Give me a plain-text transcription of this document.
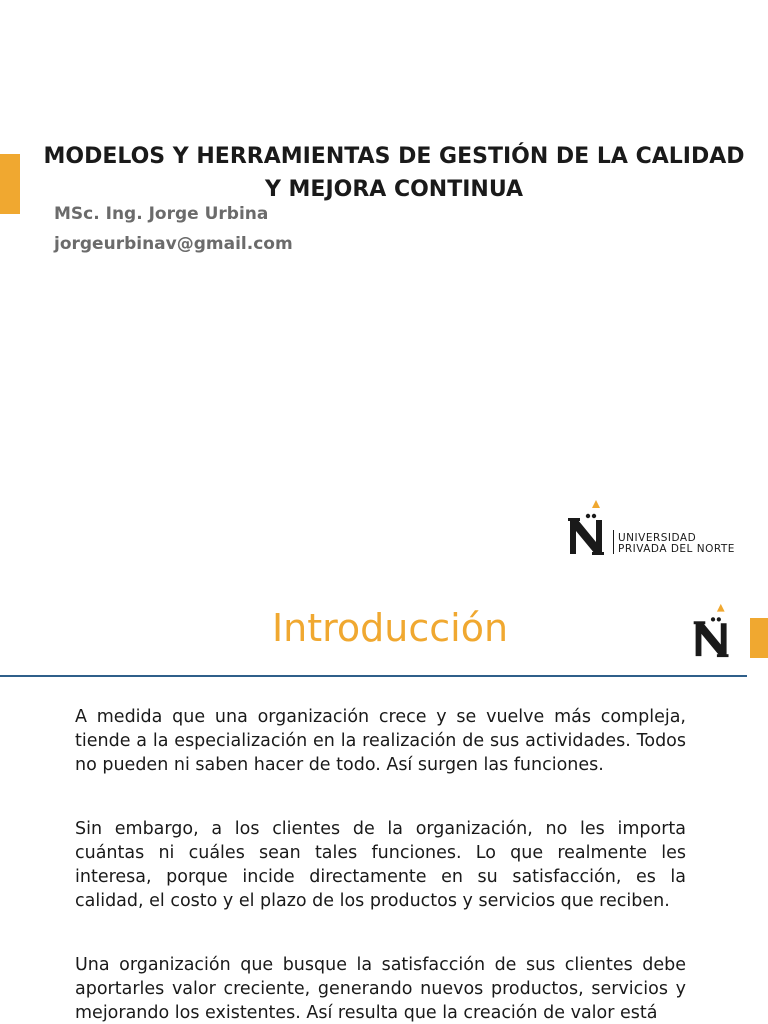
MODELOS Y HERRAMIENTAS DE GESTIÓN DE LA CALIDAD Y MEJORA CONTINUA
MSc. Ing. Jorge Urbina
jorgeurbinav@gmail.com
UNIVERSIDAD
PRIVADA DEL NORTE
Introducción

A medida que una organización crece y se vuelve más compleja, tiende a la especialización en la realización de sus actividades. Todos no pueden ni saben hacer de todo. Así surgen las funciones.

Sin embargo, a los clientes de la organización, no les importa cuántas ni cuáles sean tales funciones. Lo que realmente les interesa, porque incide directamente en su satisfacción, es la calidad, el costo y el plazo de los productos y servicios que reciben.

Una organización que busque la satisfacción de sus clientes debe aportarles valor creciente, generando nuevos productos, servicios y mejorando los existentes. Así resulta que la creación de valor está
